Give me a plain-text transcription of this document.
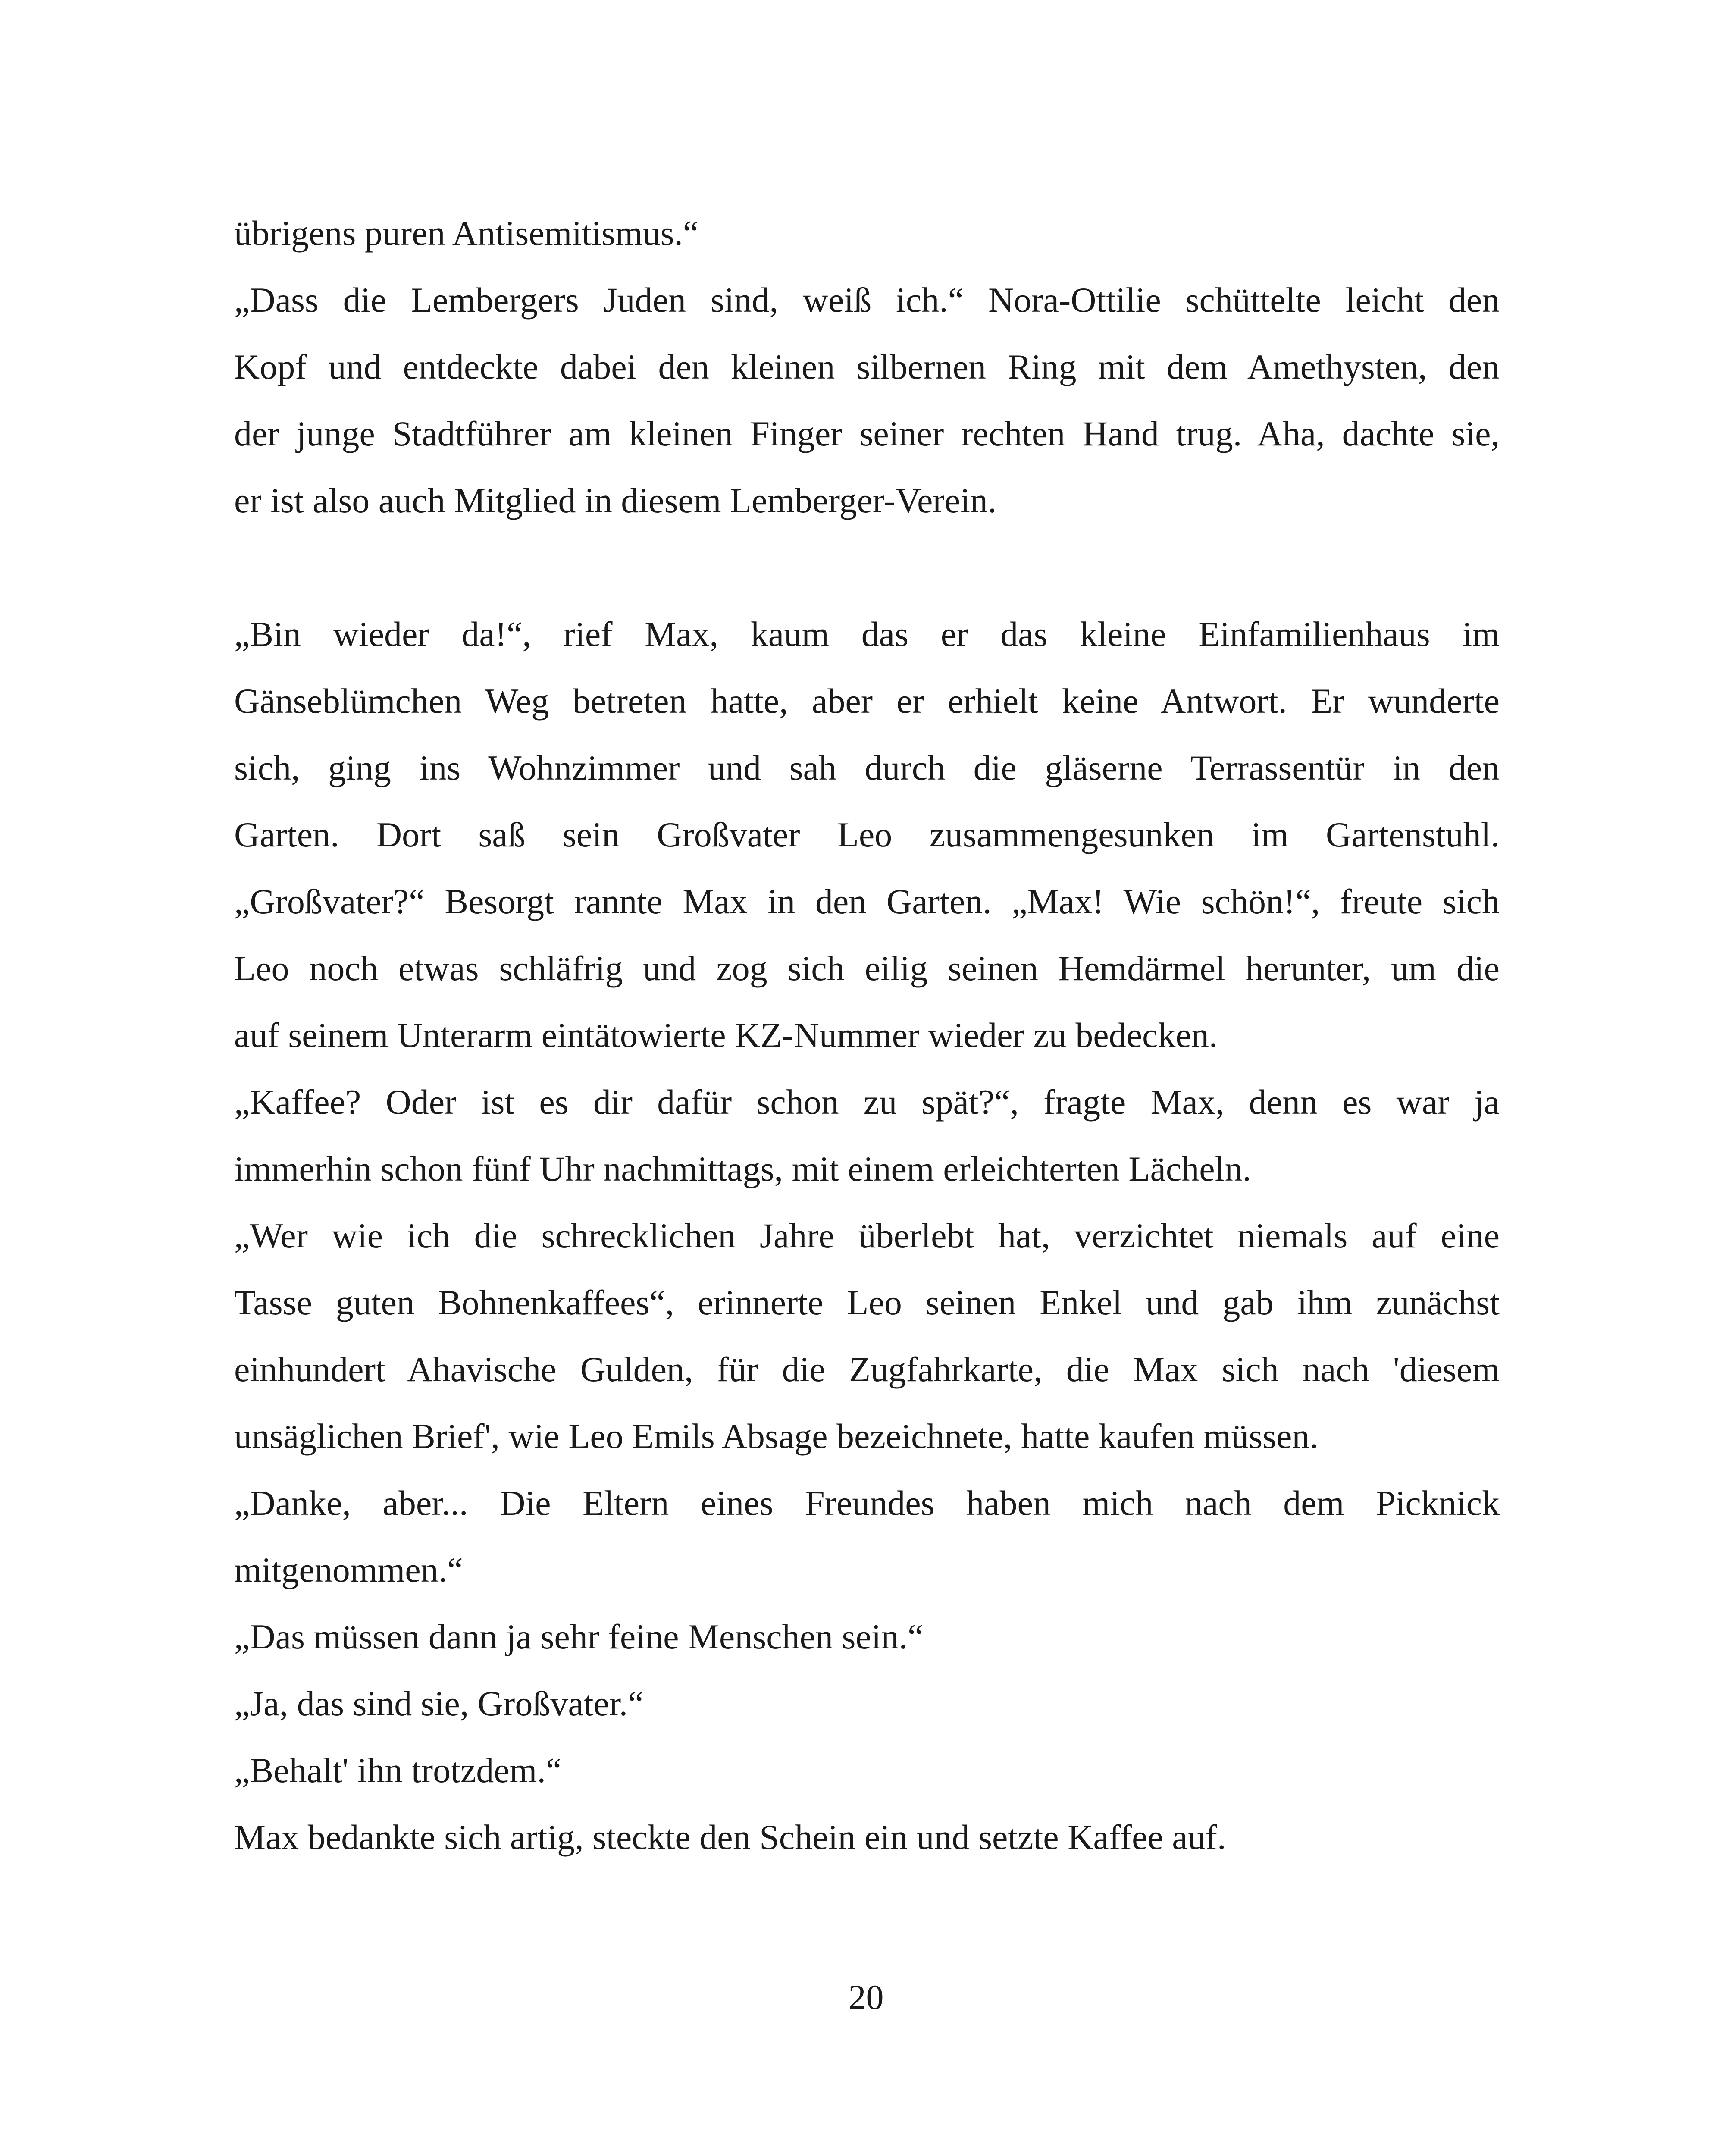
übrigens puren Antisemitismus.“
„Dass die Lembergers Juden sind, weiß ich.“ Nora-Ottilie schüttelte leicht den
Kopf und entdeckte dabei den kleinen silbernen Ring mit dem Amethysten, den
der junge Stadtführer am kleinen Finger seiner rechten Hand trug. Aha, dachte sie,
er ist also auch Mitglied in diesem Lemberger-Verein.
„Bin wieder da!“, rief Max, kaum das er das kleine Einfamilienhaus im
Gänseblümchen Weg betreten hatte, aber er erhielt keine Antwort. Er wunderte
sich, ging ins Wohnzimmer und sah durch die gläserne Terrassentür in den
Garten. Dort saß sein Großvater Leo zusammengesunken im Gartenstuhl.
„Großvater?“ Besorgt rannte Max in den Garten. „Max! Wie schön!“, freute sich
Leo noch etwas schläfrig und zog sich eilig seinen Hemdärmel herunter, um die
auf seinem Unterarm eintätowierte KZ-Nummer wieder zu bedecken.
„Kaffee? Oder ist es dir dafür schon zu spät?“, fragte Max, denn es war ja
immerhin schon fünf Uhr nachmittags, mit einem erleichterten Lächeln.
„Wer wie ich die schrecklichen Jahre überlebt hat, verzichtet niemals auf eine
Tasse guten Bohnenkaffees“, erinnerte Leo seinen Enkel und gab ihm zunächst
einhundert Ahavische Gulden, für die Zugfahrkarte, die Max sich nach 'diesem
unsäglichen Brief', wie Leo Emils Absage bezeichnete, hatte kaufen müssen.
„Danke, aber... Die Eltern eines Freundes haben mich nach dem Picknick
mitgenommen.“
„Das müssen dann ja sehr feine Menschen sein.“
„Ja, das sind sie, Großvater.“
„Behalt' ihn trotzdem.“
Max bedankte sich artig, steckte den Schein ein und setzte Kaffee auf.
20
